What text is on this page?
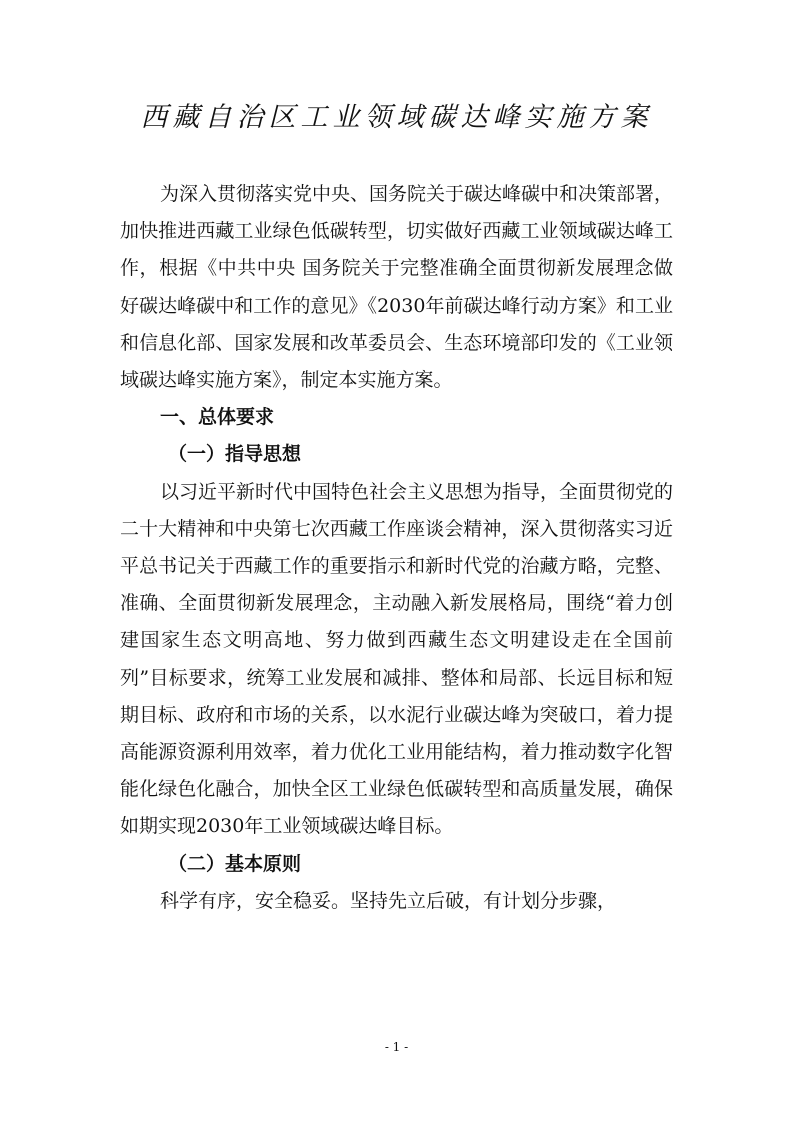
西藏自治区工业领域碳达峰实施方案

为深入贯彻落实党中央、国务院关于碳达峰碳中和决策部署，加快推进西藏工业绿色低碳转型，切实做好西藏工业领域碳达峰工作，根据《中共中央 国务院关于完整准确全面贯彻新发展理念做好碳达峰碳中和工作的意见》《2030年前碳达峰行动方案》和工业和信息化部、国家发展和改革委员会、生态环境部印发的《工业领域碳达峰实施方案》，制定本实施方案。

一、总体要求
（一）指导思想

以习近平新时代中国特色社会主义思想为指导，全面贯彻党的二十大精神和中央第七次西藏工作座谈会精神，深入贯彻落实习近平总书记关于西藏工作的重要指示和新时代党的治藏方略，完整、准确、全面贯彻新发展理念，主动融入新发展格局，围绕“着力创建国家生态文明高地、努力做到西藏生态文明建设走在全国前列”目标要求，统筹工业发展和减排、整体和局部、长远目标和短期目标、政府和市场的关系，以水泥行业碳达峰为突破口，着力提高能源资源利用效率，着力优化工业用能结构，着力推动数字化智能化绿色化融合，加快全区工业绿色低碳转型和高质量发展，确保如期实现2030年工业领域碳达峰目标。

（二）基本原则

科学有序，安全稳妥。坚持先立后破，有计划分步骤，

- 1 -
